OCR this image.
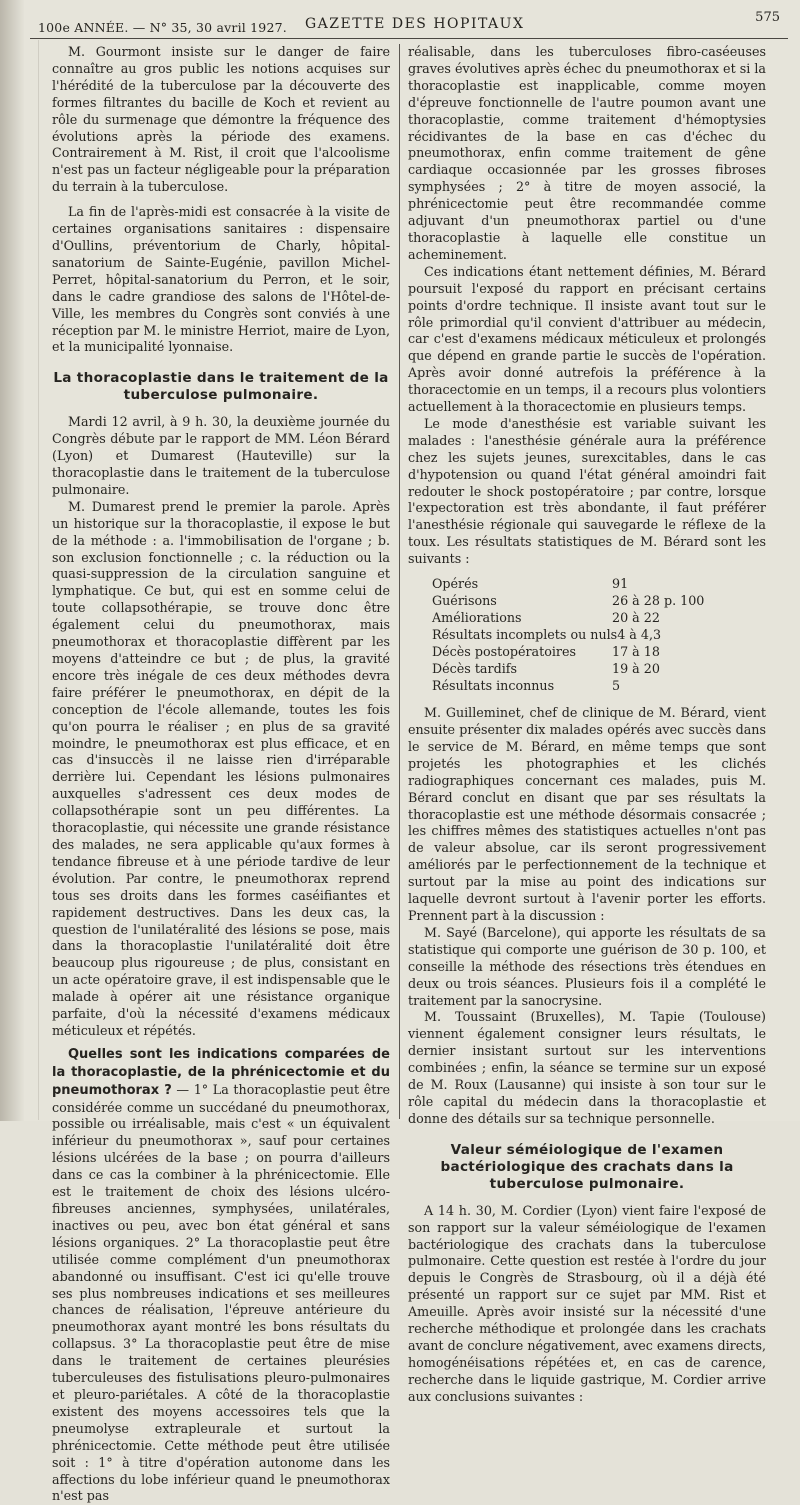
100e ANNÉE. — N° 35, 30 avril 1927. GAZETTE DES HOPITAUX	575

M. Gourmont insiste sur le danger de faire connaître au gros public les notions acquises sur l'hérédité de la tuberculose par la découverte des formes filtrantes du bacille de Koch et revient au rôle du surmenage que démontre la fréquence des évolutions après la période des examens. Contrairement à M. Rist, il croit que l'alcoolisme n'est pas un facteur négligeable pour la préparation du terrain à la tuberculose.

La fin de l'après-midi est consacrée à la visite de certaines organisations sanitaires : dispensaire d'Oullins, préventorium de Charly, hôpital-sanatorium de Sainte-Eugénie, pavillon Michel-Perret, hôpital-sanatorium du Perron, et le soir, dans le cadre grandiose des salons de l'Hôtel-de-Ville, les membres du Congrès sont conviés à une réception par M. le ministre Herriot, maire de Lyon, et la municipalité lyonnaise.

La thoracoplastie dans le traitement de la tuberculose pulmonaire.

Mardi 12 avril, à 9 h. 30, la deuxième journée du Congrès débute par le rapport de MM. Léon Bérard (Lyon) et Dumarest (Hauteville) sur la thoracoplastie dans le traitement de la tuberculose pulmonaire.

M. Dumarest prend le premier la parole. Après un historique sur la thoracoplastie, il expose le but de la méthode : a. l'immobilisation de l'organe ; b. son exclusion fonctionnelle ; c. la réduction ou la quasi-suppression de la circulation sanguine et lymphatique. Ce but, qui est en somme celui de toute collapsothérapie, se trouve donc être également celui du pneumothorax, mais pneumothorax et thoracoplastie diffèrent par les moyens d'atteindre ce but ; de plus, la gravité encore très inégale de ces deux méthodes devra faire préférer le pneumothorax, en dépit de la conception de l'école allemande, toutes les fois qu'on pourra le réaliser ; en plus de sa gravité moindre, le pneumothorax est plus efficace, et en cas d'insuccès il ne laisse rien d'irréparable derrière lui. Cependant les lésions pulmonaires auxquelles s'adressent ces deux modes de collapsothérapie sont un peu différentes. La thoracoplastie, qui nécessite une grande résistance des malades, ne sera applicable qu'aux formes à tendance fibreuse et à une période tardive de leur évolution. Par contre, le pneumothorax reprend tous ses droits dans les formes caséifiantes et rapidement destructives. Dans les deux cas, la question de l'unilatéralité des lésions se pose, mais dans la thoracoplastie l'unilatéralité doit être beaucoup plus rigoureuse ; de plus, consistant en un acte opératoire grave, il est indispensable que le malade à opérer ait une résistance organique parfaite, d'où la nécessité d'examens médicaux méticuleux et répétés.

Quelles sont les indications comparées de la thoracoplastie, de la phrénicectomie et du pneumothorax ? — 1° La thoracoplastie peut être considérée comme un succédané du pneumothorax, possible ou irréalisable, mais c'est « un équivalent inférieur du pneumothorax », sauf pour certaines lésions ulcérées de la base ; on pourra d'ailleurs dans ce cas la combiner à la phrénicectomie. Elle est le traitement de choix des lésions ulcéro-fibreuses anciennes, symphysées, unilatérales, inactives ou peu, avec bon état général et sans lésions organiques. 2° La thoracoplastie peut être utilisée comme complément d'un pneumothorax abandonné ou insuffisant. C'est ici qu'elle trouve ses plus nombreuses indications et ses meilleures chances de réalisation, l'épreuve antérieure du pneumothorax ayant montré les bons résultats du collapsus. 3° La thoracoplastie peut être de mise dans le traitement de certaines pleurésies tuberculeuses des fistulisations pleuro-pulmonaires et pleuro-pariétales. A côté de la thoracoplastie existent des moyens accessoires tels que la pneumolyse extrapleurale et surtout la phrénicectomie. Cette méthode peut être utilisée soit : 1° à titre d'opération autonome dans les affections du lobe inférieur quand le pneumothorax n'est pas

réalisable, dans les tuberculoses fibro-caséeuses graves évolutives après échec du pneumothorax et si la thoracoplastie est inapplicable, comme moyen d'épreuve fonctionnelle de l'autre poumon avant une thoracoplastie, comme traitement d'hémoptysies récidivantes de la base en cas d'échec du pneumothorax, enfin comme traitement de gêne cardiaque occasionnée par les grosses fibroses symphysées ; 2° à titre de moyen associé, la phrénicectomie peut être recommandée comme adjuvant d'un pneumothorax partiel ou d'une thoracoplastie à laquelle elle constitue un acheminement.

Ces indications étant nettement définies, M. Bérard poursuit l'exposé du rapport en précisant certains points d'ordre technique. Il insiste avant tout sur le rôle primordial qu'il convient d'attribuer au médecin, car c'est d'examens médicaux méticuleux et prolongés que dépend en grande partie le succès de l'opération. Après avoir donné autrefois la préférence à la thoracectomie en un temps, il a recours plus volontiers actuellement à la thoracectomie en plusieurs temps.

Le mode d'anesthésie est variable suivant les malades : l'anesthésie générale aura la préférence chez les sujets jeunes, surexcitables, dans le cas d'hypotension ou quand l'état général amoindri fait redouter le shock postopératoire ; par contre, lorsque l'expectoration est très abondante, il faut préférer l'anesthésie régionale qui sauvegarde le réflexe de la toux. Les résultats statistiques de M. Bérard sont les suivants :

Opérés	91
Guérisons	26 à 28 p. 100
Améliorations	20 à 22
Résultats incomplets ou nuls 4 à 4,3
Décès postopératoires	17 à 18
Décès tardifs	19 à 20
Résultats inconnus	5

M. Guilleminet, chef de clinique de M. Bérard, vient ensuite présenter dix malades opérés avec succès dans le service de M. Bérard, en même temps que sont projetés les photographies et les clichés radiographiques concernant ces malades, puis M. Bérard conclut en disant que par ses résultats la thoracoplastie est une méthode désormais consacrée ; les chiffres mêmes des statistiques actuelles n'ont pas de valeur absolue, car ils seront progressivement améliorés par le perfectionnement de la technique et surtout par la mise au point des indications sur laquelle devront surtout à l'avenir porter les efforts. Prennent part à la discussion :

M. Sayé (Barcelone), qui apporte les résultats de sa statistique qui comporte une guérison de 30 p. 100, et conseille la méthode des résections très étendues en deux ou trois séances. Plusieurs fois il a complété le traitement par la sanocrysine.

M. Toussaint (Bruxelles), M. Tapie (Toulouse) viennent également consigner leurs résultats, le dernier insistant surtout sur les interventions combinées ; enfin, la séance se termine sur un exposé de M. Roux (Lausanne) qui insiste à son tour sur le rôle capital du médecin dans la thoracoplastie et donne des détails sur sa technique personnelle.

Valeur séméiologique de l'examen bactériologique des crachats dans la tuberculose pulmonaire.

A 14 h. 30, M. Cordier (Lyon) vient faire l'exposé de son rapport sur la valeur séméiologique de l'examen bactériologique des crachats dans la tuberculose pulmonaire. Cette question est restée à l'ordre du jour depuis le Congrès de Strasbourg, où il a déjà été présenté un rapport sur ce sujet par MM. Rist et Ameuille. Après avoir insisté sur la nécessité d'une recherche méthodique et prolongée dans les crachats avant de conclure négativement, avec examens directs, homogénéisations répétées et, en cas de carence, recherche dans le liquide gastrique, M. Cordier arrive aux conclusions suivantes :
